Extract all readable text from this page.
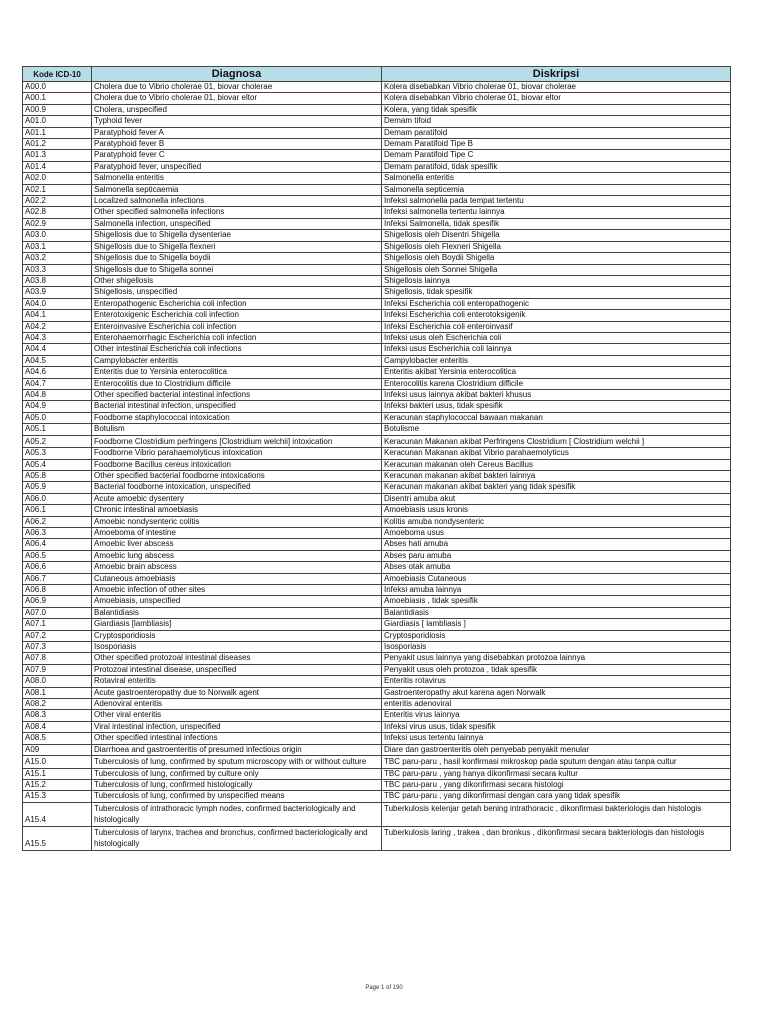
Kode ICD-10	Diagnosa	Diskripsi
A00.0	Cholera due to Vibrio cholerae 01, biovar cholerae	Kolera disebabkan Vibrio cholerae 01, biovar cholerae
A00.1	Cholera due to Vibrio cholerae 01, biovar eltor	Kolera disebabkan Vibrio cholerae 01, biovar eltor
A00.9	Cholera, unspecified	Kolera, yang tidak spesifik
A01.0	Typhoid fever	Demam tifoid
A01.1	Paratyphoid fever A	Demam paratifoid
A01.2	Paratyphoid fever B	Demam Paratifoid Tipe B
A01.3	Paratyphoid fever C	Demam Paratifoid Tipe C
A01.4	Paratyphoid fever, unspecified	Demam paratifoid, tidak spesifik
A02.0	Salmonella enteritis	Salmonella enteritis
A02.1	Salmonella septicaemia	Salmonella septicemia
A02.2	Localized salmonella infections	Infeksi salmonella pada tempat tertentu
A02.8	Other specified salmonella infections	Infeksi salmonella tertentu lainnya
A02.9	Salmonella infection, unspecified	Infeksi Salmonella, tidak spesifik
A03.0	Shigellosis due to Shigella dysenteriae	Shigellosis oleh Disentri Shigella
A03.1	Shigellosis due to Shigella flexneri	Shigellosis oleh Flexneri Shigella
A03.2	Shigellosis due to Shigella boydii	Shigellosis oleh Boydii Shigella
A03.3	Shigellosis due to Shigella sonnei	Shigellosis oleh Sonnei Shigella
A03.8	Other shigellosis	Shigellosis lainnya
A03.9	Shigellosis, unspecified	Shigellosis, tidak spesifik
A04.0	Enteropathogenic Escherichia coli infection	Infeksi Escherichia coli enteropathogenic
A04.1	Enterotoxigenic Escherichia coli infection	Infeksi Escherichia coli enterotoksigenik
A04.2	Enteroinvasive Escherichia coli infection	Infeksi Escherichia coli enteroinvasif
A04.3	Enterohaemorrhagic Escherichia coli infection	Infeksi usus oleh Escherichia coli
A04.4	Other intestinal Escherichia coli infections	Infeksi usus Escherichia coli lainnya
A04.5	Campylobacter enteritis	Campylobacter enteritis
A04.6	Enteritis due to Yersinia enterocolitica	Enteritis akibat Yersinia enterocolitica
A04.7	Enterocolitis due to Clostridium difficile	Enterocolitis karena Clostridium difficile
A04.8	Other specified bacterial intestinal infections	Infeksi usus lainnya akibat bakteri khusus
A04.9	Bacterial intestinal infection, unspecified	Infeksi bakteri usus, tidak spesifik
A05.0	Foodborne staphylococcal intoxication	Keracunan staphylococcal bawaan makanan
A05.1	Botulism	Botulisme
A05.2	Foodborne Clostridium perfringens [Clostridium welchii] intoxication	Keracunan Makanan akibat Perfringens Clostridium [ Clostridium welchii ]
A05.3	Foodborne Vibrio parahaemolyticus intoxication	Keracunan Makanan akibat Vibrio parahaemolyticus
A05.4	Foodborne Bacillus cereus intoxication	Keracunan makanan oleh Cereus Bacillus
A05.8	Other specified bacterial foodborne intoxications	Keracunan makanan akibat bakteri lainnya
A05.9	Bacterial foodborne intoxication, unspecified	Keracunan makanan akibat bakteri yang tidak spesifik
A06.0	Acute amoebic dysentery	Disentri amuba akut
A06.1	Chronic intestinal amoebiasis	Amoebiasis usus kronis
A06.2	Amoebic nondysenteric colitis	Kolitis amuba nondysenteric
A06.3	Amoeboma of intestine	Amoeboma usus
A06.4	Amoebic liver abscess	Abses hati amuba
A06.5	Amoebic lung abscess	Abses paru amuba
A06.6	Amoebic brain abscess	Abses otak amuba
A06.7	Cutaneous amoebiasis	Amoebiasis Cutaneous
A06.8	Amoebic infection of other sites	Infeksi amuba lainnya
A06.9	Amoebiasis, unspecified	Amoebiasis , tidak spesifik
A07.0	Balantidiasis	Balantidiasis
A07.1	Giardiasis [lambliasis]	Giardiasis [ lambliasis ]
A07.2	Cryptosporidiosis	Cryptosporidiosis
A07.3	Isosporiasis	Isosporiasis
A07.8	Other specified protozoal intestinal diseases	Penyakit usus lainnya yang disebabkan protozoa lainnya
A07.9	Protozoal intestinal disease, unspecified	Penyakit usus oleh protozoa , tidak spesifik
A08.0	Rotaviral enteritis	Enteritis rotavirus
A08.1	Acute gastroenteropathy due to Norwalk agent	Gastroenteropathy akut karena agen Norwalk
A08.2	Adenoviral enteritis	enteritis adenoviral
A08.3	Other viral enteritis	Enteritis virus lainnya
A08.4	Viral intestinal infection, unspecified	Infeksi virus usus, tidak spesifik
A08.5	Other specified intestinal infections	Infeksi usus tertentu lainnya
A09	Diarrhoea and gastroenteritis of presumed infectious origin	Diare dan gastroenteritis oleh penyebab penyakit menular
A15.0	Tuberculosis of lung, confirmed by sputum microscopy with or without culture	TBC paru-paru , hasil konfirmasi mikroskop pada sputum dengan atau tanpa cultur
A15.1	Tuberculosis of lung, confirmed by culture only	TBC paru-paru , yang hanya dikonfirmasi secara kultur
A15.2	Tuberculosis of lung, confirmed histologically	TBC paru-paru , yang dikonfirmasi secara histologi
A15.3	Tuberculosis of lung, confirmed by unspecified means	TBC paru-paru , yang dikonfirmasi dengan cara yang tidak spesifik
A15.4	Tuberculosis of intrathoracic lymph nodes, confirmed bacteriologically and histologically	Tuberkulosis kelenjar getah bening intrathoracic , dikonfirmasi bakteriologis dan histologis
A15.5	Tuberculosis of larynx, trachea and bronchus, confirmed bacteriologically and histologically	Tuberkulosis laring , trakea , dan bronkus , dikonfirmasi secara bakteriologis dan histologis
Page 1 of 190
